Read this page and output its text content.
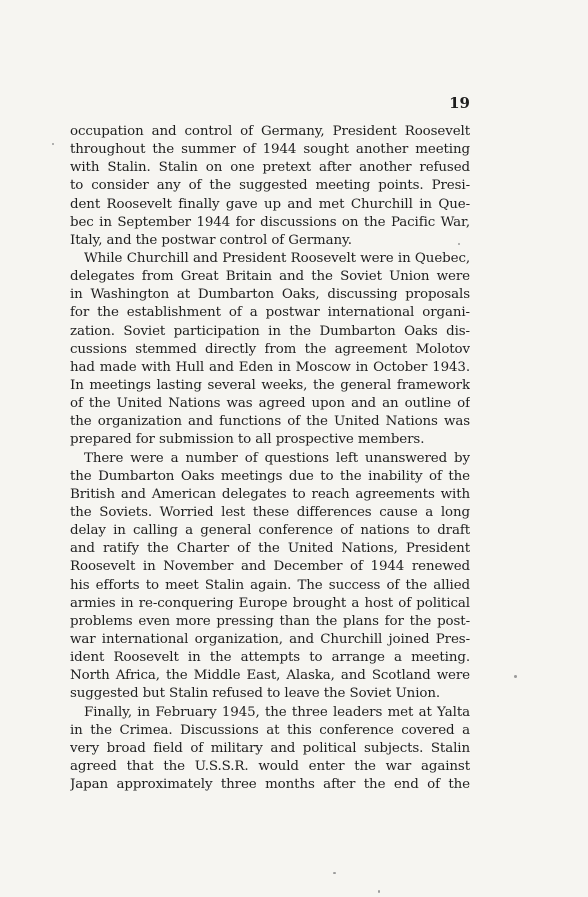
19
occupation and control of Germany, President Roosevelt
throughout the summer of 1944 sought another meeting
with Stalin. Stalin on one pretext after another refused
to consider any of the suggested meeting points. Presi-
dent Roosevelt finally gave up and met Churchill in Que-
bec in September 1944 for discussions on the Pacific War,
Italy, and the postwar control of Germany.
While Churchill and President Roosevelt were in Quebec,
delegates from Great Britain and the Soviet Union were
in Washington at Dumbarton Oaks, discussing proposals
for the establishment of a postwar international organi-
zation. Soviet participation in the Dumbarton Oaks dis-
cussions stemmed directly from the agreement Molotov
had made with Hull and Eden in Moscow in October 1943.
In meetings lasting several weeks, the general framework
of the United Nations was agreed upon and an outline of
the organization and functions of the United Nations was
prepared for submission to all prospective members.
There were a number of questions left unanswered by
the Dumbarton Oaks meetings due to the inability of the
British and American delegates to reach agreements with
the Soviets. Worried lest these differences cause a long
delay in calling a general conference of nations to draft
and ratify the Charter of the United Nations, President
Roosevelt in November and December of 1944 renewed
his efforts to meet Stalin again. The success of the allied
armies in re-conquering Europe brought a host of political
problems even more pressing than the plans for the post-
war international organization, and Churchill joined Pres-
ident Roosevelt in the attempts to arrange a meeting.
North Africa, the Middle East, Alaska, and Scotland were
suggested but Stalin refused to leave the Soviet Union.
Finally, in February 1945, the three leaders met at Yalta
in the Crimea. Discussions at this conference covered a
very broad field of military and political subjects. Stalin
agreed that the U.S.S.R. would enter the war against
Japan approximately three months after the end of the
